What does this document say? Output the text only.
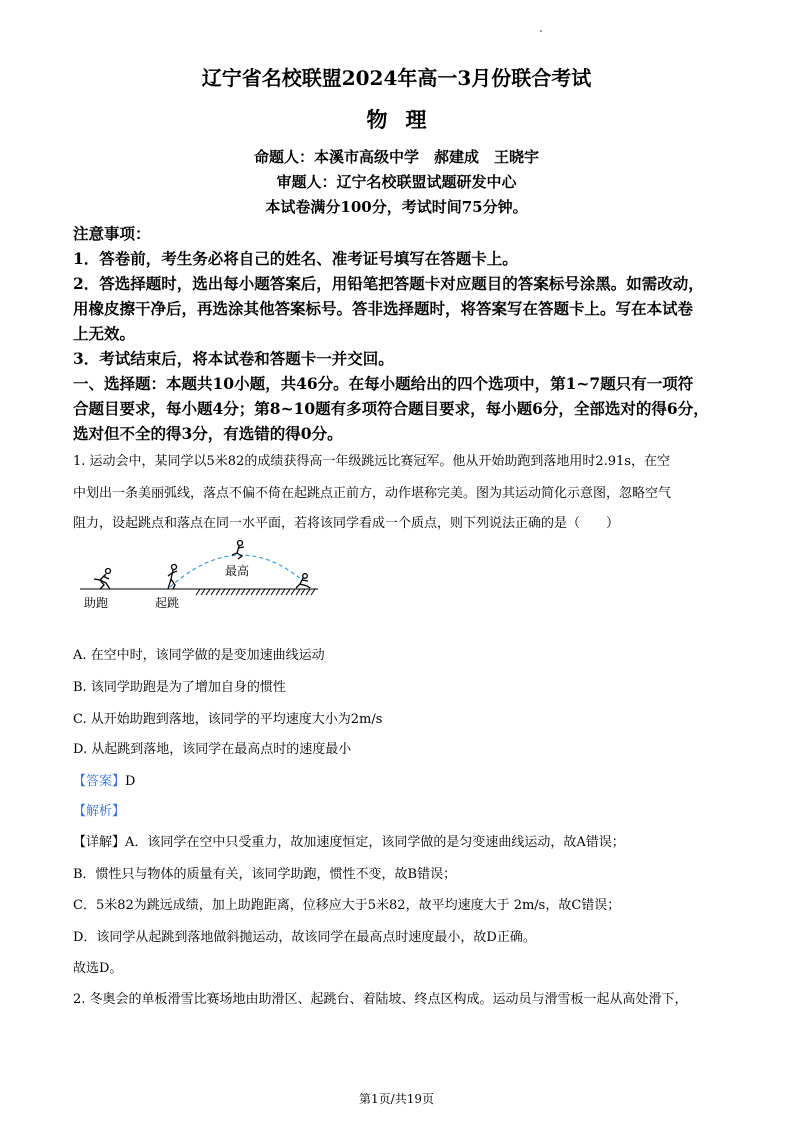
辽宁省名校联盟2024年高一3月份联合考试
物理
命题人：本溪市高级中学　郝建成　王晓宇
审题人：辽宁名校联盟试题研发中心
本试卷满分100分，考试时间75分钟。
注意事项：
1．答卷前，考生务必将自己的姓名、准考证号填写在答题卡上。
2．答选择题时，选出每小题答案后，用铅笔把答题卡对应题目的答案标号涂黑。如需改动，
用橡皮擦干净后，再选涂其他答案标号。答非选择题时，将答案写在答题卡上。写在本试卷
上无效。
3．考试结束后，将本试卷和答题卡一并交回。
一、选择题：本题共10小题，共46分。在每小题给出的四个选项中，第1~7题只有一项符
合题目要求，每小题4分；第8~10题有多项符合题目要求，每小题6分，全部选对的得6分，
选对但不全的得3分，有选错的得0分。
1. 运动会中，某同学以5米82的成绩获得高一年级跳远比赛冠军。他从开始助跑到落地用时2.91s，在空
中划出一条美丽弧线，落点不偏不倚在起跳点正前方，动作堪称完美。图为其运动简化示意图，忽略空气
阻力，设起跳点和落点在同一水平面，若将该同学看成一个质点，则下列说法正确的是（　　）
助跑	起跳
最高
A. 在空中时，该同学做的是变加速曲线运动
B. 该同学助跑是为了增加自身的惯性
C. 从开始助跑到落地，该同学的平均速度大小为2m/s
D. 从起跳到落地，该同学在最高点时的速度最小
【答案】D
【解析】
【详解】A．该同学在空中只受重力，故加速度恒定，该同学做的是匀变速曲线运动，故A错误；
B．惯性只与物体的质量有关，该同学助跑，惯性不变，故B错误；
C．5米82为跳远成绩，加上助跑距离，位移应大于5米82，故平均速度大于 2m/s，故C错误；
D．该同学从起跳到落地做斜抛运动，故该同学在最高点时速度最小，故D正确。
故选D。
2. 冬奥会的单板滑雪比赛场地由助滑区、起跳台、着陆坡、终点区构成。运动员与滑雪板一起从高处滑下，
第1页/共19页
